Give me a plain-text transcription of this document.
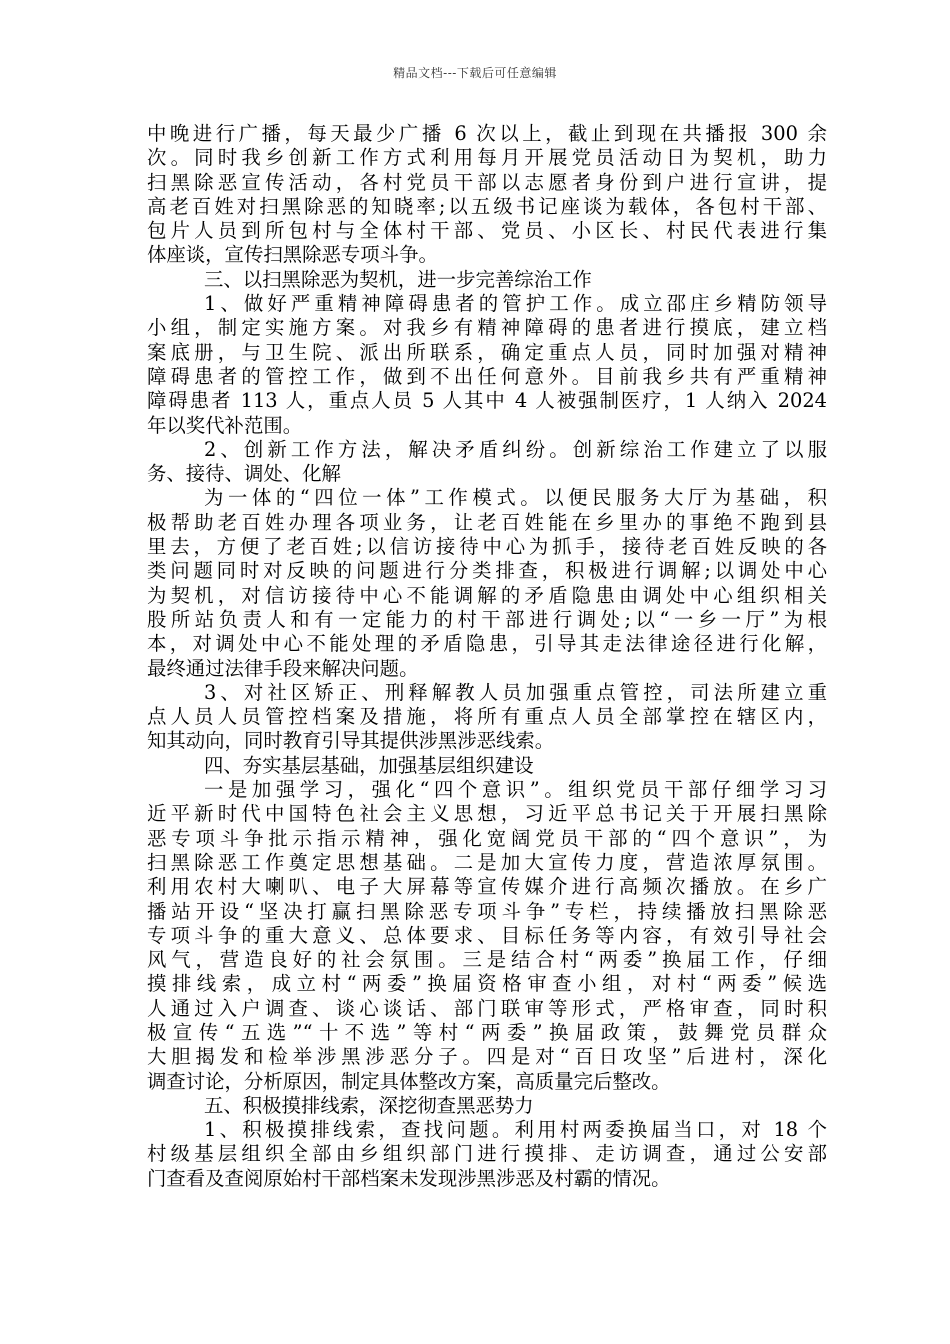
精品文档---下载后可任意编辑
中晚进行广播，每天最少广播 6 次以上，截止到现在共播报 300 余
次。同时我乡创新工作方式利用每月开展党员活动日为契机，助力
扫黑除恶宣传活动，各村党员干部以志愿者身份到户进行宣讲，提
高老百姓对扫黑除恶的知晓率;以五级书记座谈为载体，各包村干部、
包片人员到所包村与全体村干部、党员、小区长、村民代表进行集
体座谈，宣传扫黑除恶专项斗争。
三、以扫黑除恶为契机，进一步完善综治工作
1、做好严重精神障碍患者的管护工作。成立邵庄乡精防领导
小组，制定实施方案。对我乡有精神障碍的患者进行摸底，建立档
案底册，与卫生院、派出所联系，确定重点人员，同时加强对精神
障碍患者的管控工作，做到不出任何意外。目前我乡共有严重精神
障碍患者 113 人，重点人员 5 人其中 4 人被强制医疗，1 人纳入 2024
年以奖代补范围。
2、创新工作方法，解决矛盾纠纷。创新综治工作建立了以服
务、接待、调处、化解
为一体的“四位一体”工作模式。以便民服务大厅为基础，积
极帮助老百姓办理各项业务，让老百姓能在乡里办的事绝不跑到县
里去，方便了老百姓;以信访接待中心为抓手，接待老百姓反映的各
类问题同时对反映的问题进行分类排查，积极进行调解;以调处中心
为契机，对信访接待中心不能调解的矛盾隐患由调处中心组织相关
股所站负责人和有一定能力的村干部进行调处;以“一乡一厅”为根
本，对调处中心不能处理的矛盾隐患，引导其走法律途径进行化解，
最终通过法律手段来解决问题。
3、对社区矫正、刑释解教人员加强重点管控，司法所建立重
点人员人员管控档案及措施，将所有重点人员全部掌控在辖区内，
知其动向，同时教育引导其提供涉黑涉恶线索。
四、夯实基层基础，加强基层组织建设
一是加强学习，强化“四个意识”。组织党员干部仔细学习习
近平新时代中国特色社会主义思想，习近平总书记关于开展扫黑除
恶专项斗争批示指示精神，强化宽阔党员干部的“四个意识”，为
扫黑除恶工作奠定思想基础。二是加大宣传力度，营造浓厚氛围。
利用农村大喇叭、电子大屏幕等宣传媒介进行高频次播放。在乡广
播站开设“坚决打赢扫黑除恶专项斗争”专栏，持续播放扫黑除恶
专项斗争的重大意义、总体要求、目标任务等内容，有效引导社会
风气，营造良好的社会氛围。三是结合村“两委”换届工作，仔细
摸排线索，成立村“两委”换届资格审查小组，对村“两委”候选
人通过入户调查、谈心谈话、部门联审等形式，严格审查，同时积
极宣传“五选”“十不选”等村“两委”换届政策，鼓舞党员群众
大胆揭发和检举涉黑涉恶分子。四是对“百日攻坚”后进村，深化
调查讨论，分析原因，制定具体整改方案，高质量完后整改。
五、积极摸排线索，深挖彻查黑恶势力
1、积极摸排线索，查找问题。利用村两委换届当口，对 18 个
村级基层组织全部由乡组织部门进行摸排、走访调查，通过公安部
门查看及查阅原始村干部档案未发现涉黑涉恶及村霸的情况。
